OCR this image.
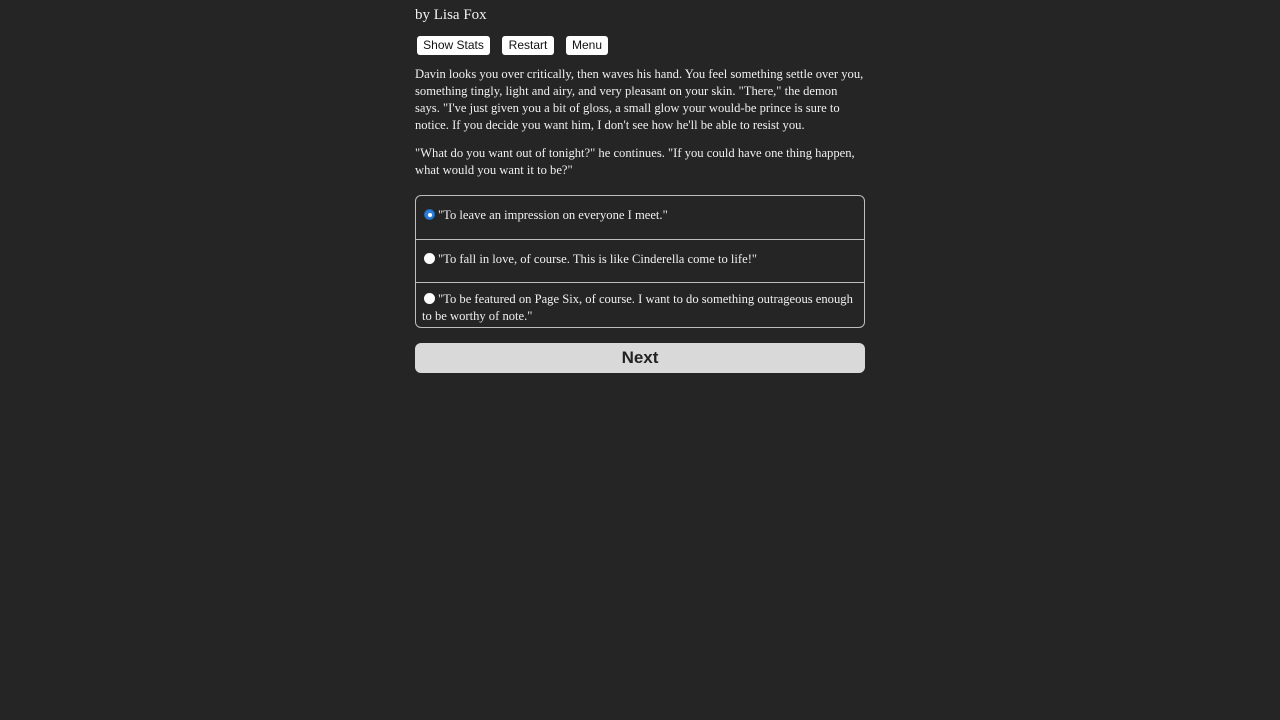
by Lisa Fox
Show Stats	Restart	Menu

Davin looks you over critically, then waves his hand. You feel something settle over you, something tingly, light and airy, and very pleasant on your skin. "There," the demon says. "I've just given you a bit of gloss, a small glow your would-be prince is sure to notice. If you decide you want him, I don't see how he'll be able to resist you.

"What do you want out of tonight?" he continues. "If you could have one thing happen, what would you want it to be?"

"To leave an impression on everyone I meet."
"To fall in love, of course. This is like Cinderella come to life!"
"To be featured on Page Six, of course. I want to do something outrageous enough to be worthy of note."
Next
